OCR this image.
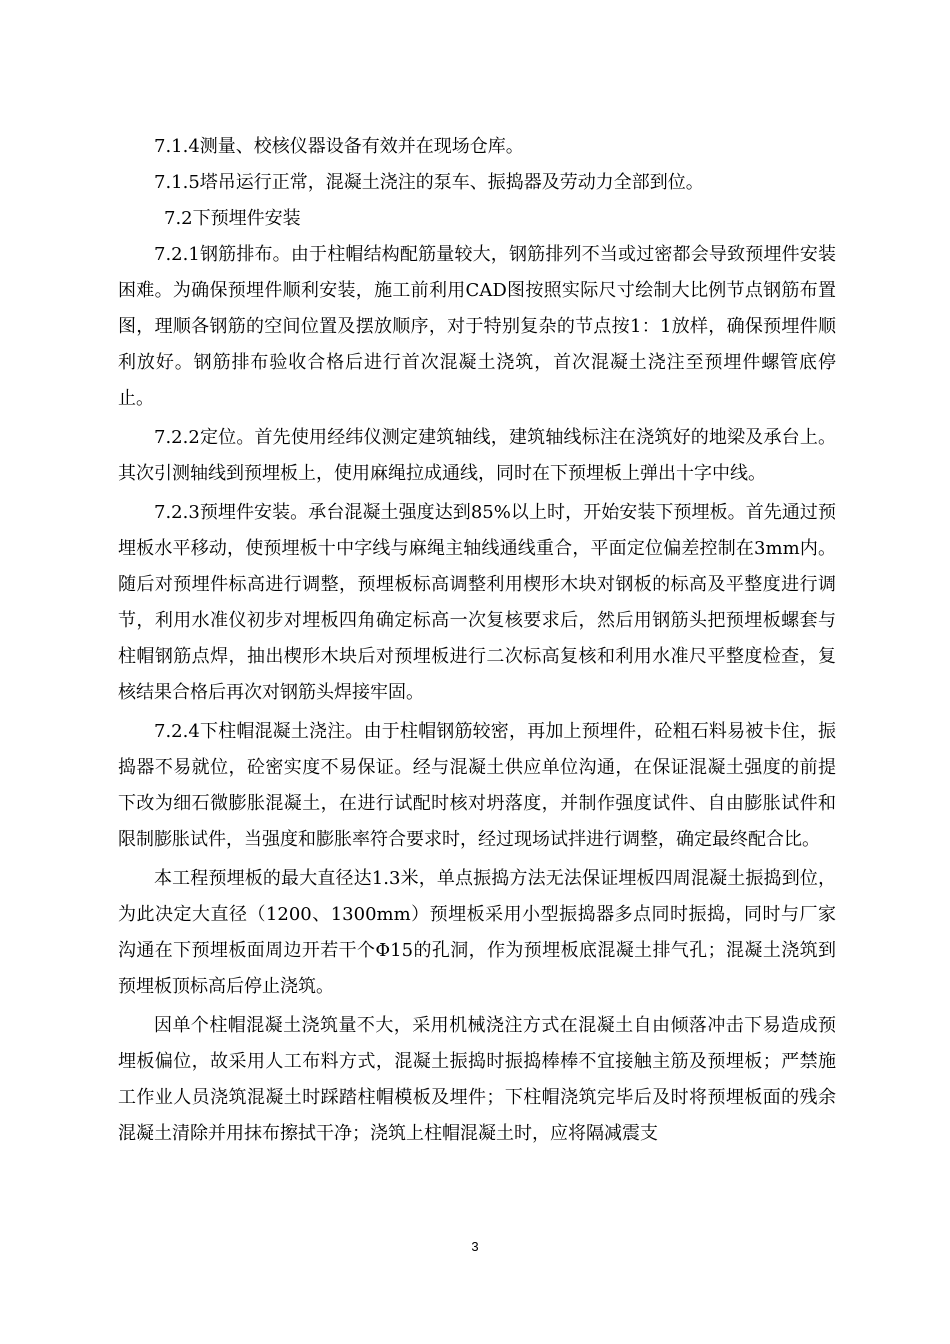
7.1.4测量、校核仪器设备有效并在现场仓库。

7.1.5塔吊运行正常，混凝土浇注的泵车、振捣器及劳动力全部到位。

7.2下预埋件安装

7.2.1钢筋排布。由于柱帽结构配筋量较大，钢筋排列不当或过密都会导致预埋件安装困难。为确保预埋件顺利安装，施工前利用CAD图按照实际尺寸绘制大比例节点钢筋布置图，理顺各钢筋的空间位置及摆放顺序，对于特别复杂的节点按1：1放样，确保预埋件顺利放好。钢筋排布验收合格后进行首次混凝土浇筑，首次混凝土浇注至预埋件螺管底停止。

7.2.2定位。首先使用经纬仪测定建筑轴线，建筑轴线标注在浇筑好的地梁及承台上。其次引测轴线到预埋板上，使用麻绳拉成通线，同时在下预埋板上弹出十字中线。

7.2.3预埋件安装。承台混凝土强度达到85%以上时，开始安装下预埋板。首先通过预埋板水平移动，使预埋板十中字线与麻绳主轴线通线重合，平面定位偏差控制在3mm内。随后对预埋件标高进行调整，预埋板标高调整利用楔形木块对钢板的标高及平整度进行调节，利用水准仪初步对埋板四角确定标高一次复核要求后，然后用钢筋头把预埋板螺套与柱帽钢筋点焊，抽出楔形木块后对预埋板进行二次标高复核和利用水准尺平整度检查，复核结果合格后再次对钢筋头焊接牢固。

7.2.4下柱帽混凝土浇注。由于柱帽钢筋较密，再加上预埋件，砼粗石料易被卡住，振捣器不易就位，砼密实度不易保证。经与混凝土供应单位沟通，在保证混凝土强度的前提下改为细石微膨胀混凝土，在进行试配时核对坍落度，并制作强度试件、自由膨胀试件和限制膨胀试件，当强度和膨胀率符合要求时，经过现场试拌进行调整，确定最终配合比。

本工程预埋板的最大直径达1.3米，单点振捣方法无法保证埋板四周混凝土振捣到位，为此决定大直径（1200、1300mm）预埋板采用小型振捣器多点同时振捣，同时与厂家沟通在下预埋板面周边开若干个Φ15的孔洞，作为预埋板底混凝土排气孔；混凝土浇筑到预埋板顶标高后停止浇筑。

因单个柱帽混凝土浇筑量不大，采用机械浇注方式在混凝土自由倾落冲击下易造成预埋板偏位，故采用人工布料方式，混凝土振捣时振捣棒棒不宜接触主筋及预埋板；严禁施工作业人员浇筑混凝土时踩踏柱帽模板及埋件；下柱帽浇筑完毕后及时将预埋板面的残余混凝土清除并用抹布擦拭干净；浇筑上柱帽混凝土时，应将隔减震支

3
